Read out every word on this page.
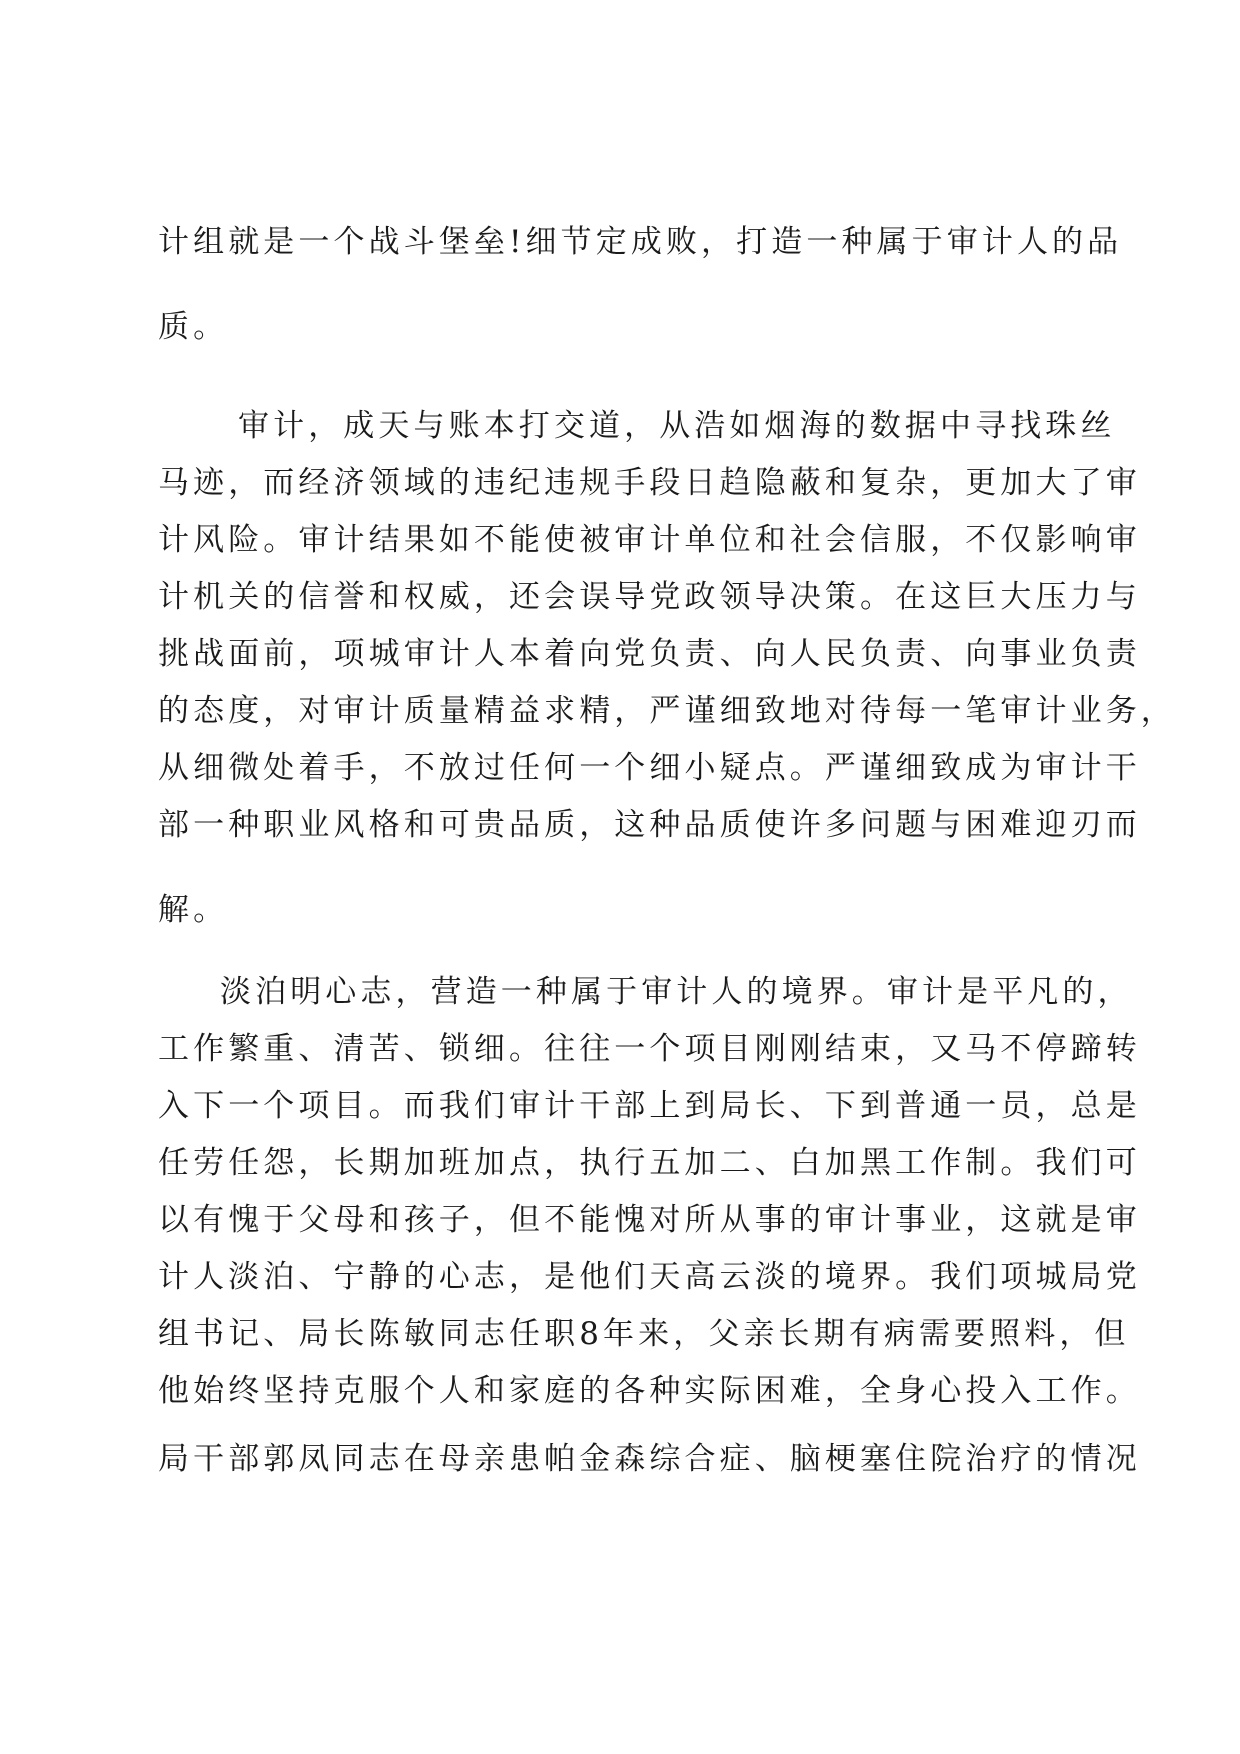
计组就是一个战斗堡垒!细节定成败，打造一种属于审计人的品
质。
审计，成天与账本打交道，从浩如烟海的数据中寻找珠丝
马迹，而经济领域的违纪违规手段日趋隐蔽和复杂，更加大了审
计风险。审计结果如不能使被审计单位和社会信服，不仅影响审
计机关的信誉和权威，还会误导党政领导决策。在这巨大压力与
挑战面前，项城审计人本着向党负责、向人民负责、向事业负责
的态度，对审计质量精益求精，严谨细致地对待每一笔审计业务，
从细微处着手，不放过任何一个细小疑点。严谨细致成为审计干
部一种职业风格和可贵品质，这种品质使许多问题与困难迎刃而
解。
淡泊明心志，营造一种属于审计人的境界。审计是平凡的，
工作繁重、清苦、锁细。往往一个项目刚刚结束，又马不停蹄转
入下一个项目。而我们审计干部上到局长、下到普通一员，总是
任劳任怨，长期加班加点，执行五加二、白加黑工作制。我们可
以有愧于父母和孩子，但不能愧对所从事的审计事业，这就是审
计人淡泊、宁静的心志，是他们天高云淡的境界。我们项城局党
组书记、局长陈敏同志任职8年来，父亲长期有病需要照料，但
他始终坚持克服个人和家庭的各种实际困难，全身心投入工作。
局干部郭凤同志在母亲患帕金森综合症、脑梗塞住院治疗的情况
